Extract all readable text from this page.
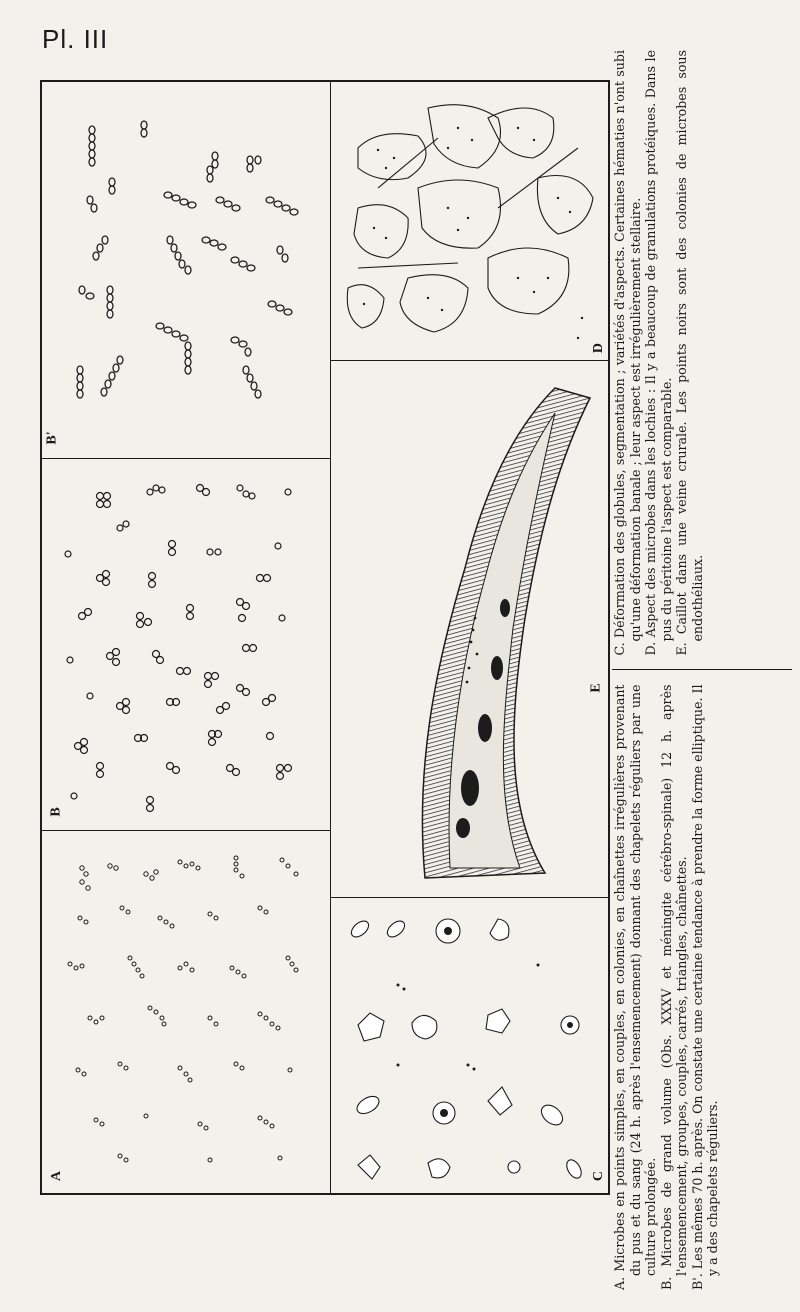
Pl. III
B'
B
A
D
E
C A. Microbes en points simples, en couples, en colonies, en chaînettes irrégulières provenant du pus et du sang (24 h. après l'ensemencement) donnant des chapelets réguliers par une culture prolongée. B. Microbes de grand volume (Obs. XXXV et méningite cérébro-spinale) 12 h. après l'ensemencement, groupes, couples, carrés, triangles, chaînettes. B'. Les mêmes 70 h. après. On constate une certaine tendance à prendre la forme elliptique. Il y a des chapelets réguliers.

C. Déformation des globules, segmentation ; variétés d'aspects. Certaines hématies n'ont subi qu'une déformation banale ; leur aspect est irrégulièrement stellaire. D. Aspect des microbes dans les lochies : Il y a beaucoup de granulations protéiques. Dans le pus du péritoine l'aspect est comparable. E. Caillot dans une veine crurale. Les points noirs sont des colonies de microbes sous endothéliaux.
